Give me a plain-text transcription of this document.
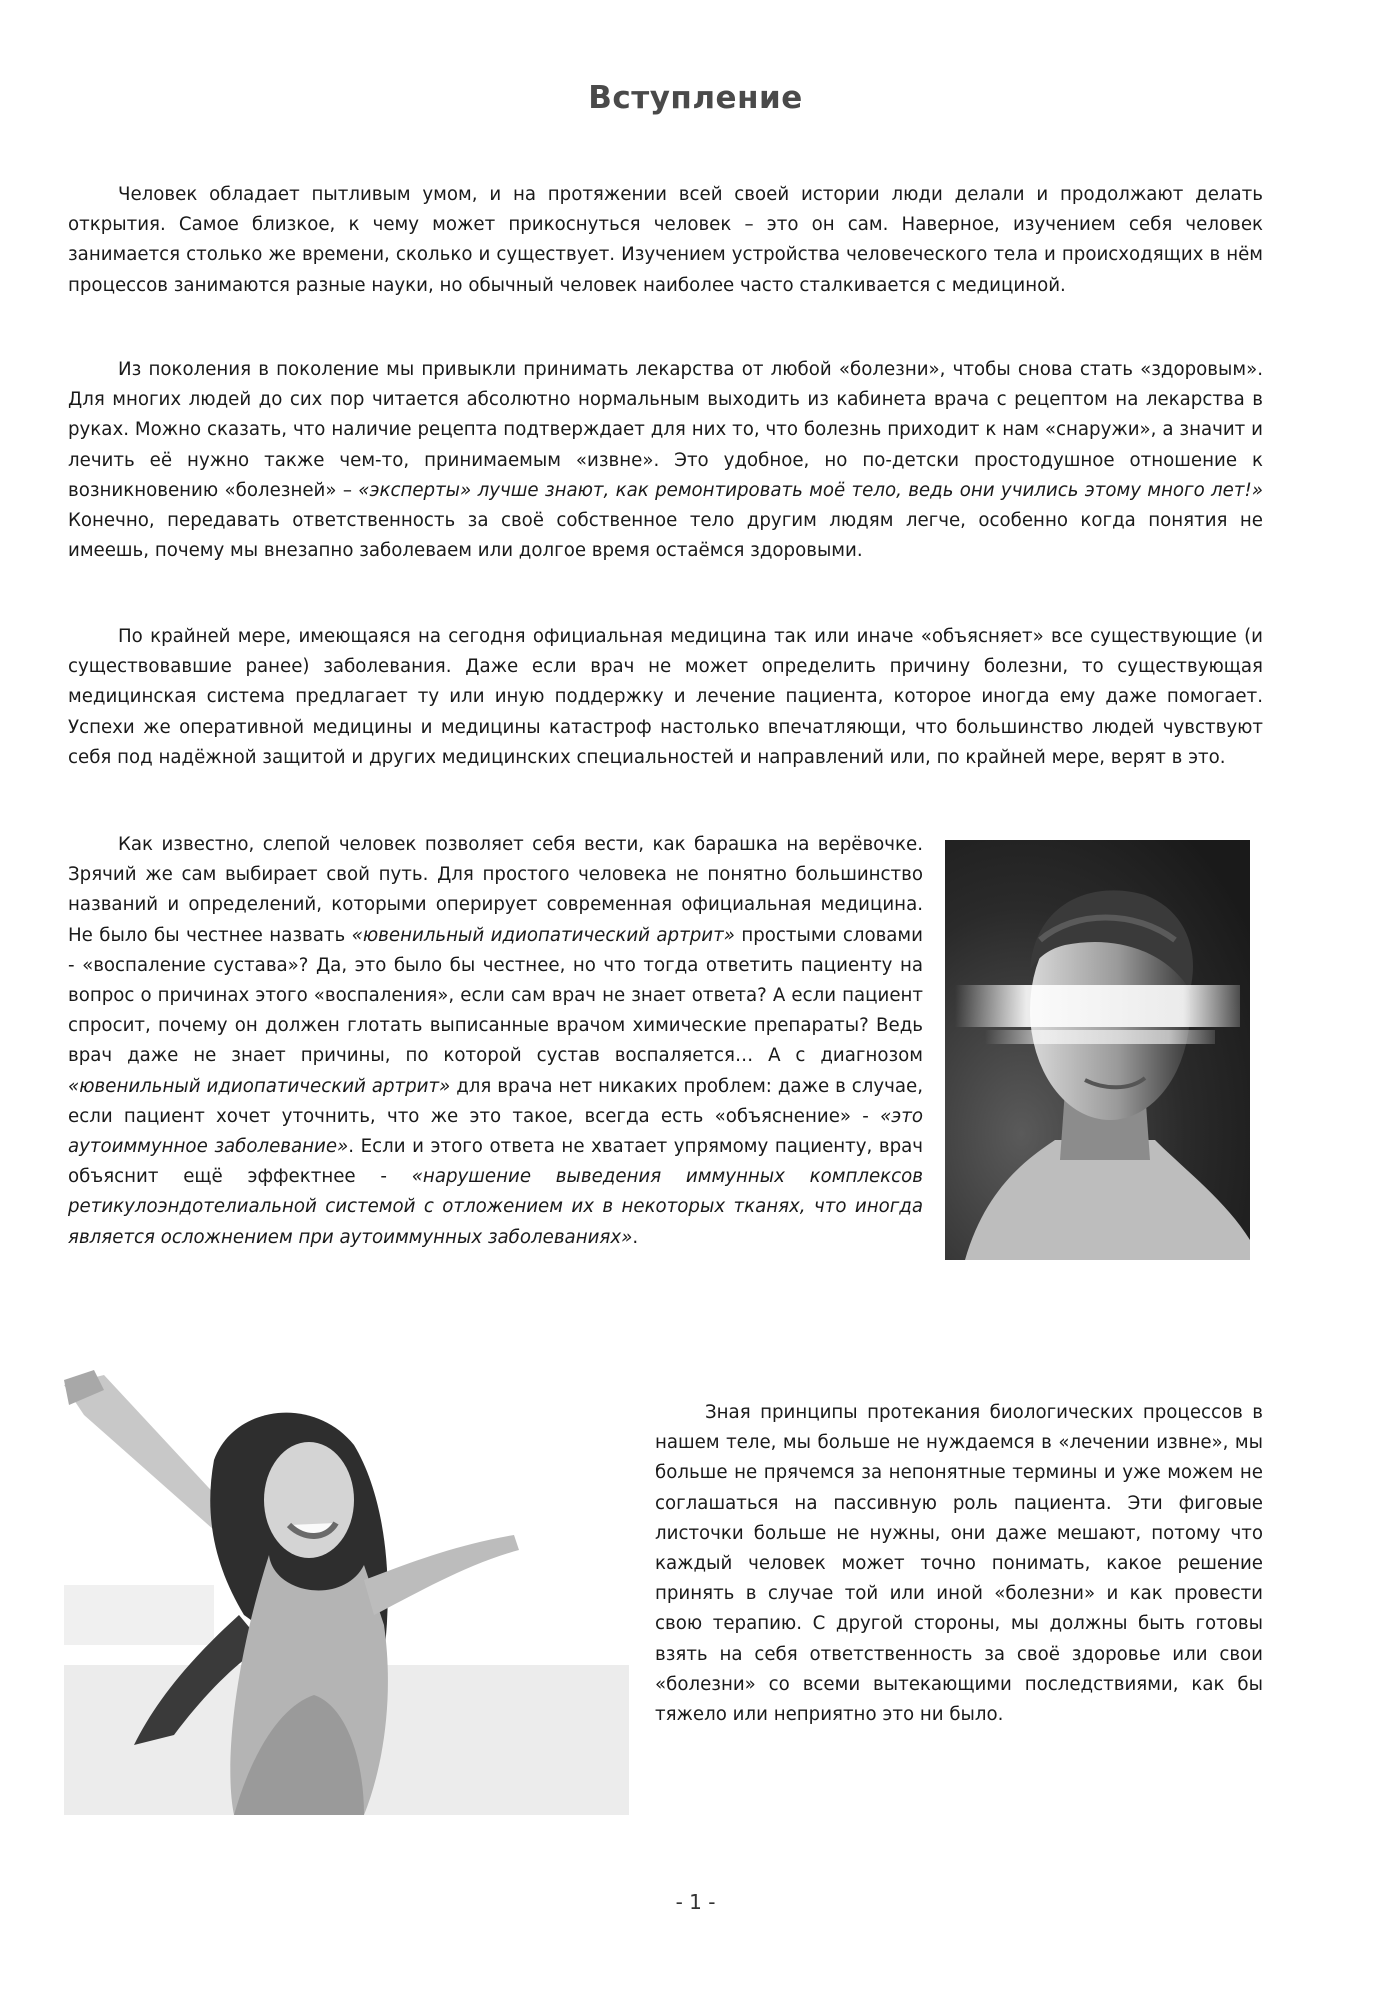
Вступление

Человек обладает пытливым умом, и на протяжении всей своей истории люди делали и продолжают делать открытия. Самое близкое, к чему может прикоснуться человек – это он сам. Наверное, изучением себя человек занимается столько же времени, сколько и существует. Изучением устройства человеческого тела и происходящих в нём процессов занимаются разные науки, но обычный человек наиболее часто сталкивается с медициной.

Из поколения в поколение мы привыкли принимать лекарства от любой «болезни», чтобы снова стать «здоровым». Для многих людей до сих пор читается абсолютно нормальным выходить из кабинета врача с рецептом на лекарства в руках. Можно сказать, что наличие рецепта подтверждает для них то, что болезнь приходит к нам «снаружи», а значит и лечить её нужно также чем-то, принимаемым «извне». Это удобное, но по-детски простодушное отношение к возникновению «болезней» – «эксперты» лучше знают, как ремонтировать моё тело, ведь они учились этому много лет!» Конечно, передавать ответственность за своё собственное тело другим людям легче, особенно когда понятия не имеешь, почему мы внезапно заболеваем или долгое время остаёмся здоровыми.

По крайней мере, имеющаяся на сегодня официальная медицина так или иначе «объясняет» все существующие (и существовавшие ранее) заболевания. Даже если врач не может определить причину болезни, то существующая медицинская система предлагает ту или иную поддержку и лечение пациента, которое иногда ему даже помогает. Успехи же оперативной медицины и медицины катастроф настолько впечатляющи, что большинство людей чувствуют себя под надёжной защитой и других медицинских специальностей и направлений или, по крайней мере, верят в это.

Как известно, слепой человек позволяет себя вести, как барашка на верёвочке. Зрячий же сам выбирает свой путь. Для простого человека не понятно большинство названий и определений, которыми оперирует современная официальная медицина. Не было бы честнее назвать «ювенильный идиопатический артрит» простыми словами - «воспаление сустава»? Да, это было бы честнее, но что тогда ответить пациенту на вопрос о причинах этого «воспаления», если сам врач не знает ответа? А если пациент спросит, почему он должен глотать выписанные врачом химические препараты? Ведь врач даже не знает причины, по которой сустав воспаляется… А с диагнозом «ювенильный идиопатический артрит» для врача нет никаких проблем: даже в случае, если пациент хочет уточнить, что же это такое, всегда есть «объяснение» - «это аутоиммунное заболевание». Если и этого ответа не хватает упрямому пациенту, врач объяснит ещё эффектнее - «нарушение выведения иммунных комплексов ретикулоэндотелиальной системой с отложением их в некоторых тканях, что иногда является осложнением при аутоиммунных заболеваниях».

Зная принципы протекания биологических процессов в нашем теле, мы больше не нуждаемся в «лечении извне», мы больше не прячемся за непонятные термины и уже можем не соглашаться на пассивную роль пациента. Эти фиговые листочки больше не нужны, они даже мешают, потому что каждый человек может точно понимать, какое решение принять в случае той или иной «болезни» и как провести свою терапию. С другой стороны, мы должны быть готовы взять на себя ответственность за своё здоровье или свои «болезни» со всеми вытекающими последствиями, как бы тяжело или неприятно это ни было.

- 1 -
